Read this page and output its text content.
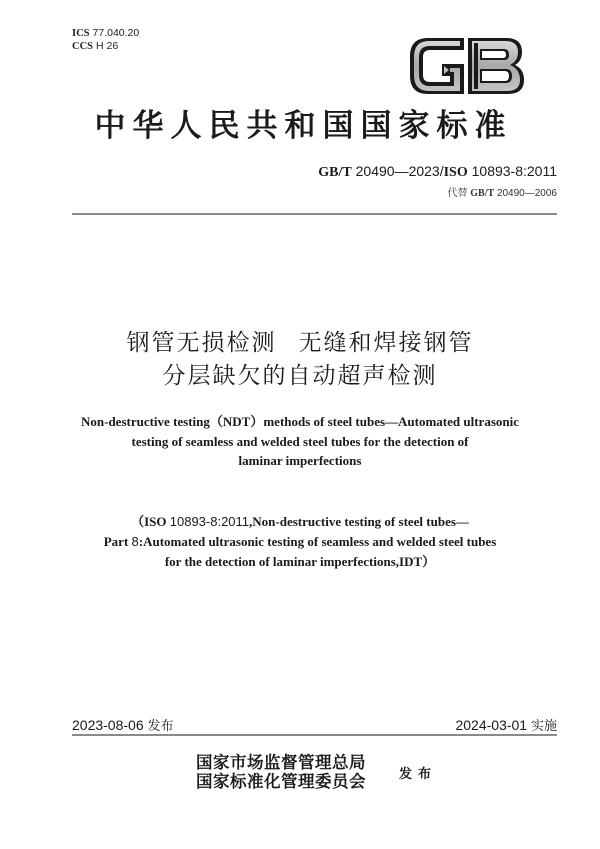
ICS 77.040.20
CCS H 26
中华人民共和国国家标准
GB/T 20490—2023/ISO 10893-8:2011
代替 GB/T 20490—2006
钢管无损检测 无缝和焊接钢管
分层缺欠的自动超声检测
Non-destructive testing（NDT）methods of steel tubes—Automated ultrasonic
testing of seamless and welded steel tubes for the detection of
laminar imperfections
（ISO 10893-8:2011,Non-destructive testing of steel tubes—
Part 8:Automated ultrasonic testing of seamless and welded steel tubes
for the detection of laminar imperfections,IDT）
2023-08-06 发布	2024-03-01 实施
国家市场监督管理总局
国家标准化管理委员会	发布
